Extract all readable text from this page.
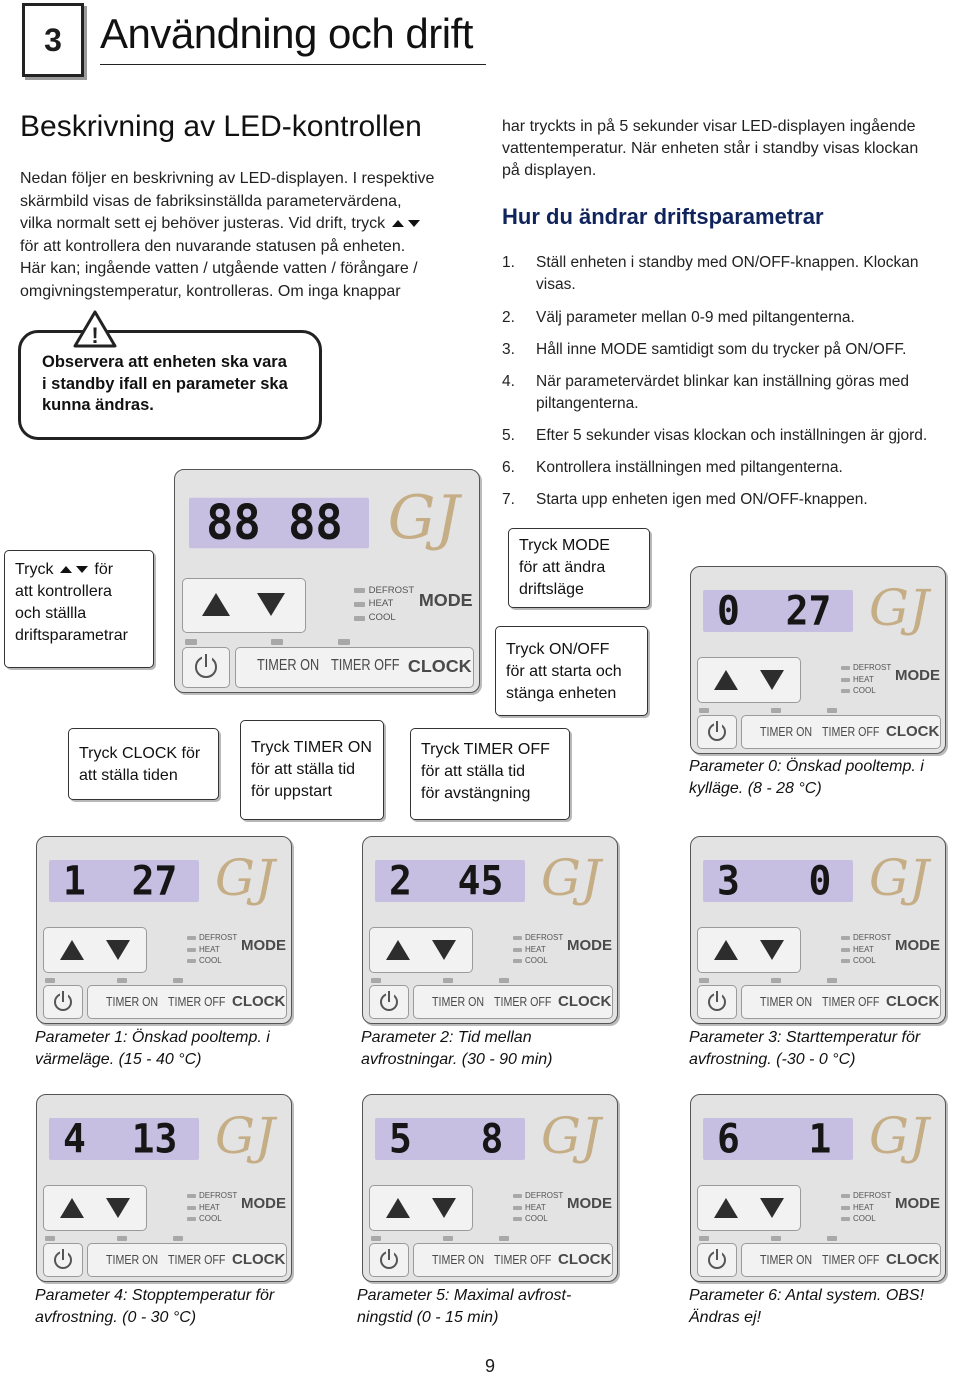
3 Användning och drift
Beskrivning av LED-kontrollen
Nedan följer en beskrivning av LED-displayen. I respektive
skärmbild visas de fabriksinställda parametervärdena,
vilka normalt sett ej behöver justeras. Vid drift, tryck
för att kontrollera den nuvarande statusen på enheten.
Här kan; ingående vatten / utgående vatten / förångare /
omgivningstemperatur, kontrolleras. Om inga knappar
!
Observera att enheten ska vara
i standby ifall en parameter ska
kunna ändras.
har tryckts in på 5 sekunder visar LED-displayen ingående
vattentemperatur. När enheten står i standby visas klockan
på displayen.
Hur du ändrar driftsparametrar
1. Ställ enheten i standby med ON/OFF-knappen. Klockan
visas.
2. Välj parameter mellan 0-9 med piltangenterna.
3. Håll inne MODE samtidigt som du trycker på ON/OFF.
4. När parametervärdet blinkar kan inställning göras med
piltangenterna.
5. Efter 5 sekunder visas klockan och inställningen är gjord.
6. Kontrollera inställningen med piltangenterna.
7. Starta upp enheten igen med ON/OFF-knappen.
Tryck	för
att kontrollera
och ställla
driftsparametrar
Tryck MODE
för att ändra
driftsläge
Tryck ON/OFF
för att starta och
stänga enheten
Tryck CLOCK för
att ställa tiden
Tryck TIMER ON
för att ställa tid
för uppstart
Tryck TIMER OFF
för att ställa tid
för avstängning
88 88 GJ
DEFROST
HEAT
COOL
MODE
TIMER ON TIMER OFF CLOCK
0  27 GJ
DEFROST
HEAT
COOL
MODE
TIMER ON TIMER OFF CLOCK
1  27 GJ
DEFROST
HEAT
COOL
MODE
TIMER ON TIMER OFF CLOCK
2  45 GJ
DEFROST
HEAT
COOL
MODE
TIMER ON TIMER OFF CLOCK
3   0 GJ
DEFROST
HEAT
COOL
MODE
TIMER ON TIMER OFF CLOCK
4  13 GJ
DEFROST
HEAT
COOL
MODE
TIMER ON TIMER OFF CLOCK
5   8 GJ
DEFROST
HEAT
COOL
MODE
TIMER ON TIMER OFF CLOCK
6   1 GJ
DEFROST
HEAT
COOL
MODE
TIMER ON TIMER OFF CLOCK
Parameter 0: Önskad pooltemp. i
kylläge. (8 - 28 °C)
Parameter 1: Önskad pooltemp. i
värmeläge. (15 - 40 °C)
Parameter 2: Tid mellan
avfrostningar. (30 - 90 min)
Parameter 3: Starttemperatur för
avfrostning. (-30 - 0 °C)
Parameter 4: Stopptemperatur för
avfrostning. (0 - 30 °C)
Parameter 5: Maximal avfrost-
ningstid (0 - 15 min)
Parameter 6: Antal system. OBS!
Ändras ej!
9
